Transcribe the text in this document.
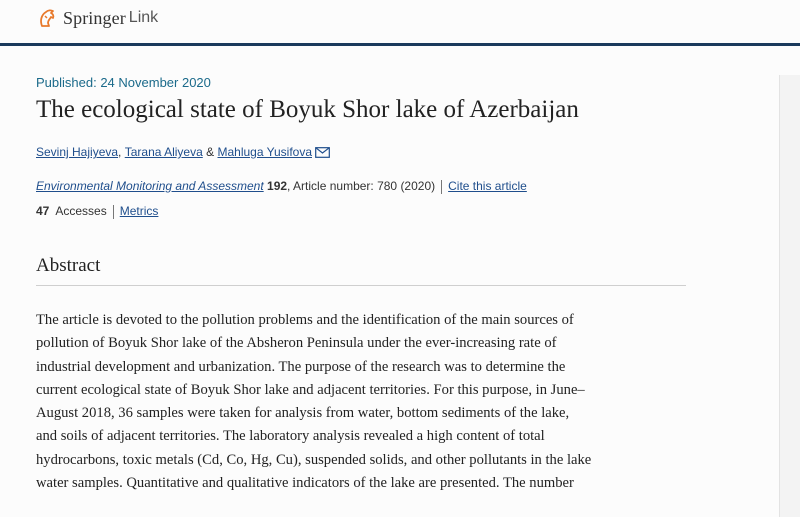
Springer Link
Published: 24 November 2020
The ecological state of Boyuk Shor lake of Azerbaijan
Sevinj Hajiyeva ,
Tarana Aliyeva
&
Mahluga Yusifova
Environmental Monitoring and Assessment 192, Article number: 780 (2020) Cite this article
47 Accesses Metrics
Abstract
The article is devoted to the pollution problems and the identification of the main sources of
pollution of Boyuk Shor lake of the Absheron Peninsula under the ever-increasing rate of
industrial development and urbanization. The purpose of the research was to determine the
current ecological state of Boyuk Shor lake and adjacent territories. For this purpose, in June–
August 2018, 36 samples were taken for analysis from water, bottom sediments of the lake,
and soils of adjacent territories. The laboratory analysis revealed a high content of total
hydrocarbons, toxic metals (Cd, Co, Hg, Cu), suspended solids, and other pollutants in the lake
water samples. Quantitative and qualitative indicators of the lake are presented. The number
